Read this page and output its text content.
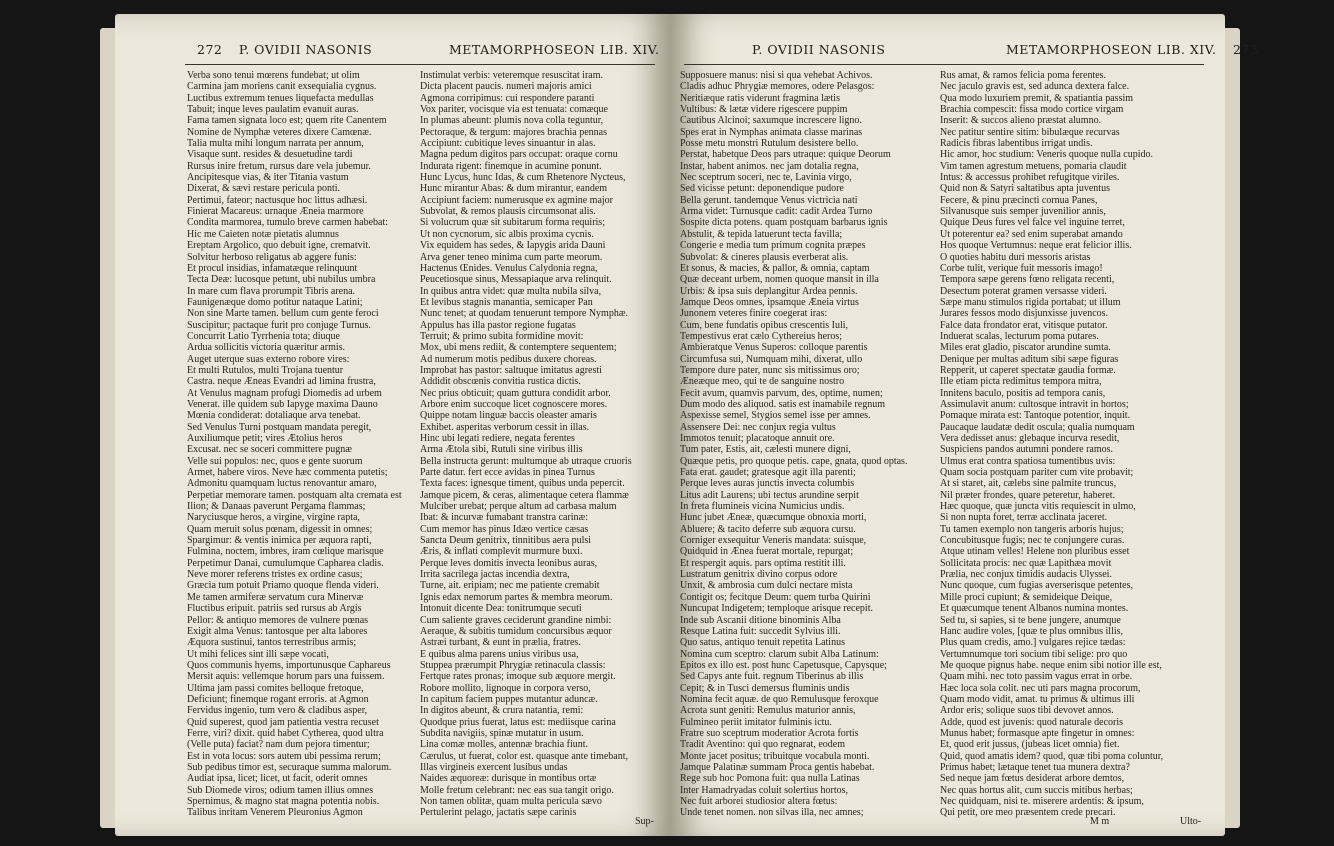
272 P. OVIDII NASONIS	METAMORPHOSEON LIB. XIV.
Verba sono tenui mœrens fundebat; ut olim
Carmina jam moriens canit exsequialia cygnus.
Luctibus extremum tenues liquefacta medullas
Tabuit; inque leves paulatim evanuit auras.
Fama tamen signata loco est; quem rite Canentem
Nomine de Nymphæ veteres dixere Camœnæ.
Talia multa mihi longum narrata per annum,
Visaque sunt. resides & desuetudine tardi
Rursus inire fretum, rursus dare vela jubemur.
Ancipitesque vias, & iter Titania vastum
Dixerat, & sævi restare pericula ponti.
Pertimui, fateor; nactusque hoc littus adhæsi.
Finierat Macareus: urnaque Æneia marmore
Condita marmorea, tumulo breve carmen habebat:
Hic me Caieten notæ pietatis alumnus
Ereptam Argolico, quo debuit igne, crematvit.
Solvitur herboso religatus ab aggere funis:
Et procul insidias, infamatæque relinquunt
Tecta Deæ: lucosque petunt, ubi nubilus umbra
In mare cum flava prorumpit Tibris arena.
Faunigenæque domo potitur nataque Latini;
Non sine Marte tamen. bellum cum gente feroci
Suscipitur; pactaque furit pro conjuge Turnus.
Concurrit Latio Tyrrhenia tota; diuque
Ardua sollicitis victoria quæritur armis.
Auget uterque suas externo robore vires:
Et multi Rutulos, multi Trojana tuentur
Castra. neque Æneas Evandri ad limina frustra,
At Venulus magnam profugi Diomedis ad urbem
Venerat. ille quidem sub Iapyge maxima Dauno
Mœnia condiderat: dotaliaque arva tenebat.
Sed Venulus Turni postquam mandata peregit,
Auxiliumque petit; vires Ætolius heros
Excusat. nec se soceri committere pugnæ
Velle sui populos: nec, quos e gente suorum
Armet, habere viros. Neve hæc commenta putetis;
Admonitu quamquam luctus renovantur amaro,
Perpetiar memorare tamen. postquam alta cremata est
Ilion; & Danaas paverunt Pergama flammas;
Naryciusque heros, a virgine, virgine rapta,
Quam meruit solus pœnam, digessit in omnes;
Spargimur: & ventis inimica per æquora rapti,
Fulmina, noctem, imbres, iram cœlique marisque
Perpetimur Danai, cumulumque Capharea cladis.
Neve morer referens tristes ex ordine casus;
Græcia tum potuit Priamo quoque flenda videri.
Me tamen armiferæ servatum cura Minervæ
Fluctibus eripuit. patriis sed rursus ab Argis
Pellor: & antiquo memores de vulnere pœnas
Exigit alma Venus: tantosque per alta labores
Æquora sustinui, tantos terrestribus armis;
Ut mihi felices sint illi sæpe vocati,
Quos communis hyems, importunusque Caphareus
Mersit aquis: vellemque horum pars una fuissem.
Ultima jam passi comites belloque fretoque,
Deficiunt; finemque rogant erroris. at Agmon
Fervidus ingenio, tum vero & cladibus asper,
Quid superest, quod jam patientia vestra recuset
Ferre, viri? dixit. quid habet Cytherea, quod ultra
(Velle puta) faciat? nam dum pejora timentur;
Est in vota locus: sors autem ubi pessima rerum;
Sub pedibus timor est, securaque summa malorum.
Audiat ipsa, licet; licet, ut facit, oderit omnes
Sub Diomede viros; odium tamen illius omnes
Spernimus, & magno stat magna potentia nobis.
Talibus inritam Venerem Pleuronius Agmon
Instimulat verbis: veteremque resuscitat iram.
Dicta placent paucis. numeri majoris amici
Agmona corripimus: cui respondere paranti
Vox pariter, vocisque via est tenuata: comæque
In plumas abeunt: plumis nova colla teguntur,
Pectoraque, & tergum: majores brachia pennas
Accipiunt: cubitique leves sinuantur in alas.
Magna pedum digitos pars occupat: oraque cornu
Indurata rigent: finemque in acumine ponunt.
Hunc Lycus, hunc Idas, & cum Rhetenore Nycteus,
Hunc mirantur Abas: & dum mirantur, eandem
Accipiunt faciem: numerusque ex agmine major
Subvolat, & remos plausis circumsonat alis.
Si volucrum quæ sit subitarum forma requiris;
Ut non cycnorum, sic albis proxima cycnis.
Vix equidem has sedes, & Iapygis arida Dauni
Arva gener teneo minima cum parte meorum.
Hactenus Œnides. Venulus Calydonia regna,
Peucetiosque sinus, Messapiaque arva relinquit.
In quibus antra videt: quæ multa nubila silva,
Et levibus stagnis manantia, semicaper Pan
Nunc tenet; at quodam tenuerunt tempore Nymphæ.
Appulus has illa pastor regione fugatas
Terruit; & primo subita formidine movit:
Mox, ubi mens rediit, & contemptere sequentem;
Ad numerum motis pedibus duxere choreas.
Improbat has pastor: saltuque imitatus agresti
Addidit obscœnis convitia rustica dictis.
Nec prius obticuit; quam guttura condidit arbor.
Arbore enim succoque licet cognoscere mores.
Quippe notam linguæ baccis oleaster amaris
Exhibet. asperitas verborum cessit in illas.
Hinc ubi legati rediere, negata ferentes
Arma Ætola sibi, Rutuli sine viribus illis
Bella instructa gerunt: multumque ab utraque cruoris
Parte datur. fert ecce avidas in pinea Turnus
Texta faces: ignesque timent, quibus unda pepercit.
Jamque picem, & ceras, alimentaque cetera flammæ
Mulciber urebat; perque altum ad carbasa malum
Ibat: & incurvæ fumabant transtra carinæ:
Cum memor has pinus Idæo vertice cæsas
Sancta Deum genitrix, tinnitibus aera pulsi
Æris, & inflati complevit murmure buxi.
Perque leves domitis invecta leonibus auras,
Irrita sacrilega jactas incendia dextra,
Turne, ait. eripiam; nec me patiente cremabit
Ignis edax nemorum partes & membra meorum.
Intonuit dicente Dea: tonitrumque secuti
Cum saliente graves ceciderunt grandine nimbi:
Aeraque, & subitis tumidum concursibus æquor
Astræi turbant, & eunt in prælia, fratres.
E quibus alma parens unius viribus usa,
Stuppea prærumpit Phrygiæ retinacula classis:
Fertque rates pronas; imoque sub æquore mergit.
Robore mollito, lignoque in corpora verso,
In capitum faciem puppes mutantur aduncæ.
In digitos abeunt, & crura natantia, remi:
Quodque prius fuerat, latus est: mediisque carina
Subdita navigiis, spinæ mutatur in usum.
Lina comæ molles, antennæ brachia fiunt.
Cærulus, ut fuerat, color est. quasque ante timebant,
Illas virgineis exercent lusibus undas
Naides æquoreæ: durisque in montibus ortæ
Molle fretum celebrant: nec eas sua tangit origo.
Non tamen oblitæ, quam multa pericula sævo
Pertulerint pelago, jactatis sæpe carinis
Sup-
P. OVIDII NASONIS	METAMORPHOSEON LIB. XIV. 273
Supposuere manus: nisi si qua vehebat Achivos.
Cladis adhuc Phrygiæ memores, odere Pelasgos:
Neritiæque ratis viderunt fragmina lætis
Vultibus: & lætæ videre rigescere puppim
Cautibus Alcinoi; saxumque increscere ligno.
Spes erat in Nymphas animata classe marinas
Posse metu monstri Rutulum desistere bello.
Perstat, habetque Deos pars utraque: quique Deorum
Instar, habent animos. nec jam dotalia regna,
Nec sceptrum soceri, nec te, Lavinia virgo,
Sed vicisse petunt: deponendique pudore
Bella gerunt. tandemque Venus victricia nati
Arma videt: Turnusque cadit: cadit Ardea Turno
Sospite dicta potens. quam postquam barbarus ignis
Abstulit, & tepida latuerunt tecta favilla;
Congerie e media tum primum cognita præpes
Subvolat: & cineres plausis everberat alis.
Et sonus, & macies, & pallor, & omnia, captam
Quæ deceant urbem, nomen quoque mansit in illa
Urbis: & ipsa suis deplangitur Ardea pennis.
Jamque Deos omnes, ipsamque Æneia virtus
Junonem veteres finire coegerat iras:
Cum, bene fundatis opibus crescentis Iuli,
Tempestivus erat cælo Cythereius heros;
Ambieratque Venus Superos: colloque parentis
Circumfusa sui, Numquam mihi, dixerat, ullo
Tempore dure pater, nunc sis mitissimus oro;
Æneæque meo, qui te de sanguine nostro
Fecit avum, quamvis parvum, des, optime, numen;
Dum modo des aliquod. satis est inamabile regnum
Aspexisse semel, Stygios semel isse per amnes.
Assensere Dei: nec conjux regia vultus
Immotos tenuit; placatoque annuit ore.
Tum pater, Estis, ait, cælesti munere digni,
Quæque petis, pro quoque petis. cape, gnata, quod optas.
Fata erat. gaudet; gratesque agit illa parenti;
Perque leves auras junctis invecta columbis
Litus adit Laurens; ubi tectus arundine serpit
In freta flumineis vicina Numicius undis.
Hunc jubet Æneæ, quæcumque obnoxia morti,
Abluere; & tacito deferre sub æquora cursu.
Corniger exsequitur Veneris mandata: suisque,
Quidquid in Ænea fuerat mortale, repurgat;
Et respergit aquis. pars optima restitit illi.
Lustratum genitrix divino corpus odore
Unxit, & ambrosia cum dulci nectare mista
Contigit os; fecitque Deum: quem turba Quirini
Nuncupat Indigetem; temploque arisque recepit.
Inde sub Ascanii ditione binominis Alba
Resque Latina fuit: succedit Sylvius illi.
Quo satus, antiquo tenuit repetita Latinus
Nomina cum sceptro: clarum subit Alba Latinum:
Epitos ex illo est. post hunc Capetusque, Capysque;
Sed Capys ante fuit. regnum Tiberinus ab illis
Cepit; & in Tusci demersus fluminis undis
Nomina fecit aquæ. de quo Remulusque feroxque
Acrota sunt geniti: Remulus maturior annis,
Fulmineo periit imitator fulminis ictu.
Fratre suo sceptrum moderatior Acrota fortis
Tradit Aventino: qui quo regnarat, eodem
Monte jacet positus; tribuitque vocabula monti.
Jamque Palatinæ summam Proca gentis habebat.
Rege sub hoc Pomona fuit: qua nulla Latinas
Inter Hamadryadas coluit solertius hortos,
Nec fuit arborei studiosior altera fœtus:
Unde tenet nomen. non silvas illa, nec amnes;
Rus amat, & ramos felicia poma ferentes.
Nec jaculo gravis est, sed adunca dextera falce.
Qua modo luxuriem premit, & spatiantia passim
Brachia compescit: fissa modo cortice virgam
Inserit: & succos alieno præstat alumno.
Nec patitur sentire sitim: bibulæque recurvas
Radicis fibras labentibus irrigat undis.
Hic amor, hoc studium: Veneris quoque nulla cupido.
Vim tamen agrestum metuens, pomaria claudit
Intus: & accessus prohibet refugitque viriles.
Quid non & Satyri saltatibus apta juventus
Fecere, & pinu præcincti cornua Panes,
Silvanusque suis semper juvenilior annis,
Quique Deus fures vel falce vel inguine terret,
Ut poterentur ea? sed enim superabat amando
Hos quoque Vertumnus: neque erat felicior illis.
O quoties habitu duri messoris aristas
Corbe tulit, verique fuit messoris imago!
Tempora sæpe gerens fœno religata recenti,
Desectum poterat gramen versasse videri.
Sæpe manu stimulos rigida portabat; ut illum
Jurares fessos modo disjunxisse juvencos.
Falce data frondator erat, vitisque putator.
Induerat scalas, lecturum poma putares.
Miles erat gladio, piscator arundine sumta.
Denique per multas aditum sibi sæpe figuras
Repperit, ut caperet spectatæ gaudia formæ.
Ille etiam picta redimitus tempora mitra,
Innitens baculo, positis ad tempora canis,
Assimulavit anum: cultosque intravit in hortos;
Pomaque mirata est: Tantoque potentior, inquit.
Paucaque laudatæ dedit oscula; qualia numquam
Vera dedisset anus: glebaque incurva resedit,
Suspiciens pandos autumni pondere ramos.
Ulmus erat contra spatiosa tumentibus uvis:
Quam socia postquam pariter cum vite probavit;
At si staret, ait, cælebs sine palmite truncus,
Nil præter frondes, quare peteretur, haberet.
Hæc quoque, quæ juncta vitis requiescit in ulmo,
Si non nupta foret, terræ acclinata jaceret.
Tu tamen exemplo non tangeris arboris hujus;
Concubitusque fugis; nec te conjungere curas.
Atque utinam velles! Helene non pluribus esset
Sollicitata procis: nec quæ Lapithæa movit
Prælia, nec conjux timidis audacis Ulyssei.
Nunc quoque, cum fugias averserisque petentes,
Mille proci cupiunt; & semideique Deique,
Et quæcumque tenent Albanos numina montes.
Sed tu, si sapies, si te bene jungere, anumque
Hanc audire voles, [quæ te plus omnibus illis,
Plus quam credis, amo.] vulgares rejice tædas:
Vertumnumque tori socium tibi selige: pro quo
Me quoque pignus habe. neque enim sibi notior ille est,
Quam mihi. nec toto passim vagus errat in orbe.
Hæc loca sola colit. nec uti pars magna procorum,
Quam modo vidit, amat. tu primus & ultimus illi
Ardor eris; solique suos tibi devovet annos.
Adde, quod est juvenis: quod naturale decoris
Munus habet; formasque apte fingetur in omnes:
Et, quod erit jussus, (jubeas licet omnia) fiet.
Quid, quod amatis idem? quod, quæ tibi poma coluntur,
Primus habet; lætaque tenet tua munera dextra?
Sed neque jam fœtus desiderat arbore demtos,
Nec quas hortus alit, cum succis mitibus herbas;
Nec quidquam, nisi te. miserere ardentis: & ipsum,
Qui petit, ore meo præsentem crede precari.
M m	Ulto-
